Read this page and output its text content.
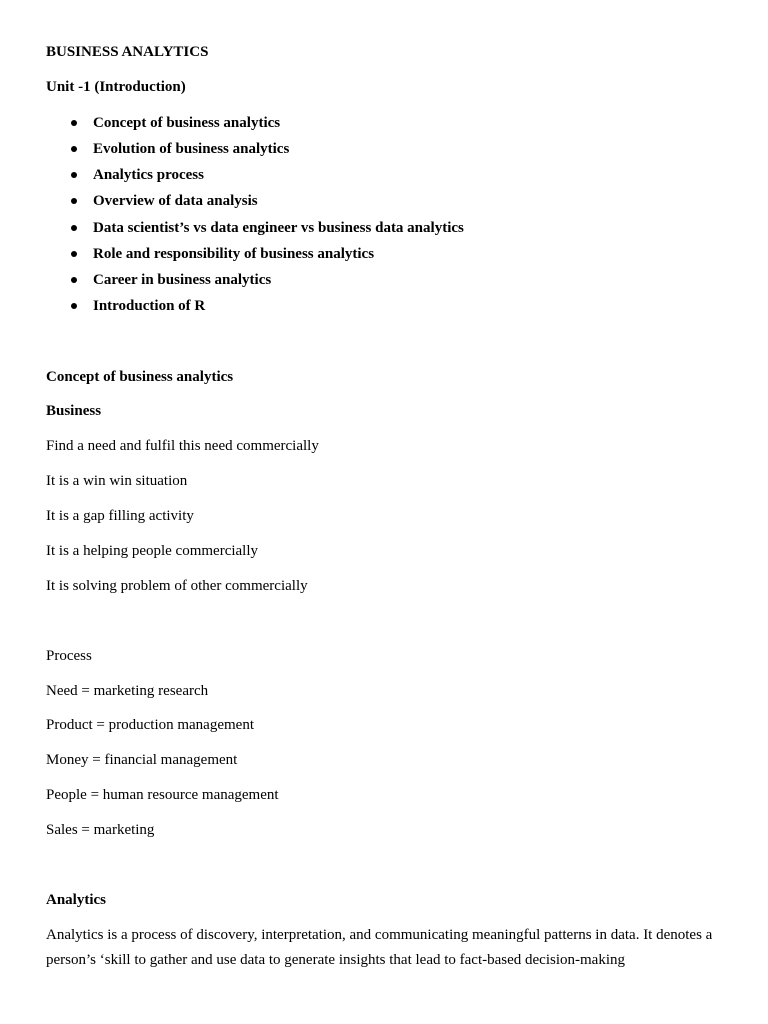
BUSINESS ANALYTICS
Unit -1 (Introduction)
Concept of business analytics
Evolution of business analytics
Analytics process
Overview of data analysis
Data scientist’s vs data engineer vs business data analytics
Role and responsibility of business analytics
Career in business analytics
Introduction of R
Concept of business analytics
Business
Find a need and fulfil this need commercially
It is a win win situation
It is a gap filling activity
It is a helping people commercially
It is solving problem of other commercially
Process
Need = marketing research
Product = production management
Money = financial management
People = human resource management
Sales = marketing
Analytics
Analytics is a process of discovery, interpretation, and communicating meaningful patterns in data. It denotes a person’s ‘skill to gather and use data to generate insights that lead to fact-based decision-making
